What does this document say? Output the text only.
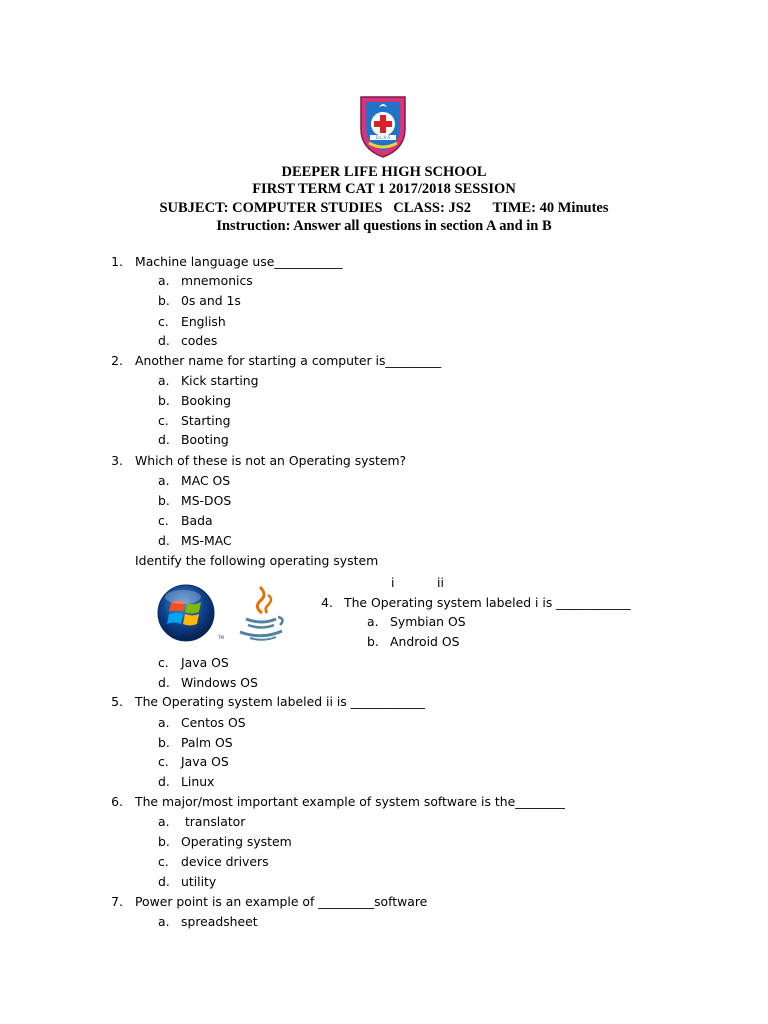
D.L.H.S
DEEPER LIFE HIGH SCHOOL
FIRST TERM CAT 1 2017/2018 SESSION
SUBJECT: COMPUTER STUDIES   CLASS: JS2      TIME: 40 Minutes
Instruction: Answer all questions in section A and in B
1. Machine language use___________
a. mnemonics
b. 0s and 1s
c. English
d. codes
2. Another name for starting a computer is_________
a. Kick starting
b. Booking
c. Starting
d. Booting
3. Which of these is not an Operating system?
a. MAC OS
b. MS-DOS
c. Bada
d. MS-MAC
Identify the following operating system
i	ii
TM
4. The Operating system labeled i is ____________
a. Symbian OS
b. Android OS
c. Java OS
d. Windows OS
5. The Operating system labeled ii is ____________
a. Centos OS
b. Palm OS
c. Java OS
d. Linux
6. The major/most important example of system software is the________
a. translator
b. Operating system
c. device drivers
d. utility
7. Power point is an example of _________software
a. spreadsheet
